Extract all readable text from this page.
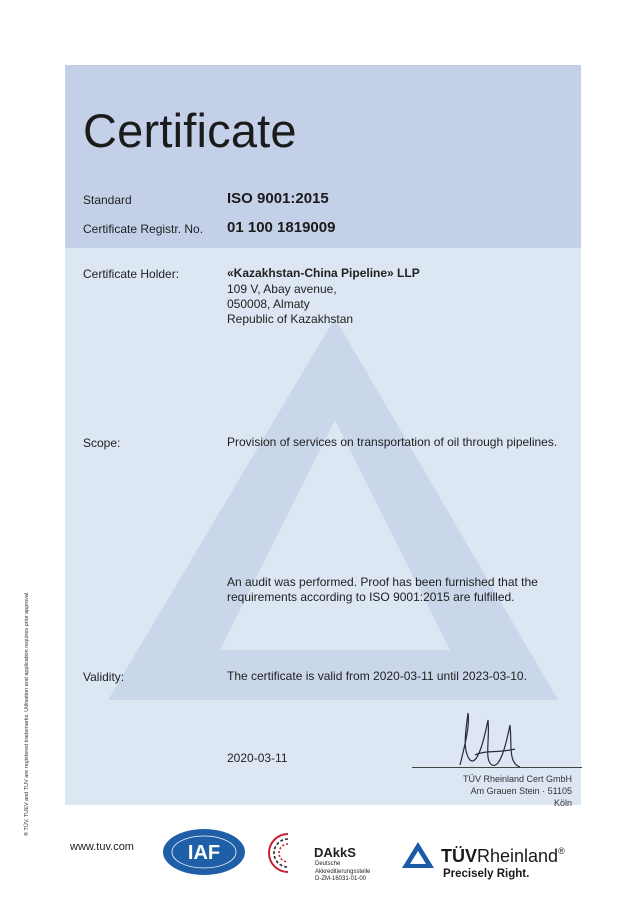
Certificate
Standard	ISO 9001:2015
Certificate Registr. No. 01 100 1819009
Certificate Holder:	«Kazakhstan-China Pipeline» LLP
109 V, Abay avenue,
050008, Almaty
Republic of Kazakhstan
Scope:	Provision of services on transportation of oil through pipelines.
An audit was performed. Proof has been furnished that the
requirements according to ISO 9001:2015 are fulfilled.
Validity:	The certificate is valid from 2020-03-11 until 2023-03-10.
2020-03-11
TÜV Rheinland Cert GmbH
Am Grauen Stein · 51105 Köln
® TÜV, TUEV and TUV are registered trademarks. Utilisation and application requires prior approval.
www.tuv.com	IAF	DAkkS
Deutsche
Akkreditierungsstelle
D-ZM-16031-01-00
TÜVRheinland®
Precisely Right.
